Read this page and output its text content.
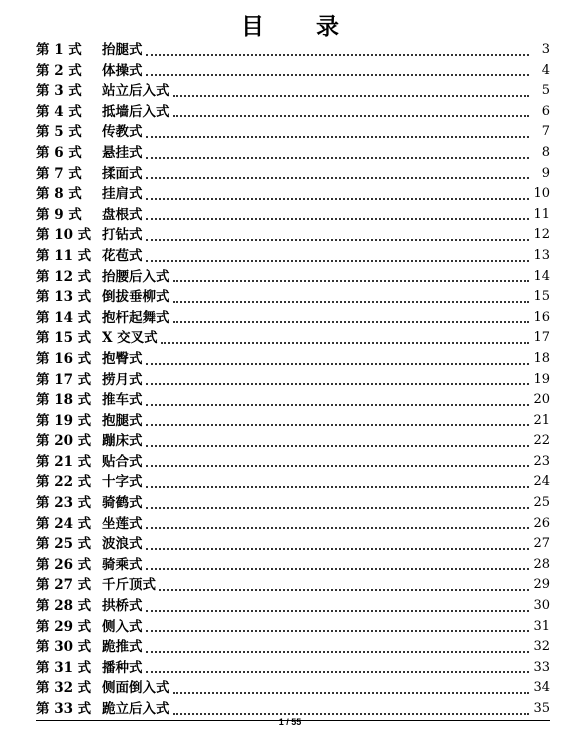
目 录
第 1 式	抬腿式	3
第 2 式	体操式	4
第 3 式	站立后入式	5
第 4 式	抵墙后入式	6
第 5 式	传教式	7
第 6 式	悬挂式	8
第 7 式	揉面式	9
第 8 式	挂肩式	10
第 9 式	盘根式	11
第 10 式 打钻式	12
第 11 式 花苞式	13
第 12 式 抬腰后入式	14
第 13 式 倒拔垂柳式	15
第 14 式 抱杆起舞式	16
第 15 式 X 交叉式	17
第 16 式 抱臀式	18
第 17 式 捞月式	19
第 18 式 推车式	20
第 19 式 抱腿式	21
第 20 式 蹦床式	22
第 21 式 贴合式	23
第 22 式 十字式	24
第 23 式 骑鹤式	25
第 24 式 坐莲式	26
第 25 式 波浪式	27
第 26 式 骑乘式	28
第 27 式 千斤顶式	29
第 28 式 拱桥式	30
第 29 式 侧入式	31
第 30 式 跪推式	32
第 31 式 播种式	33
第 32 式 侧面倒入式	34
第 33 式 跪立后入式	35
1 / 55
